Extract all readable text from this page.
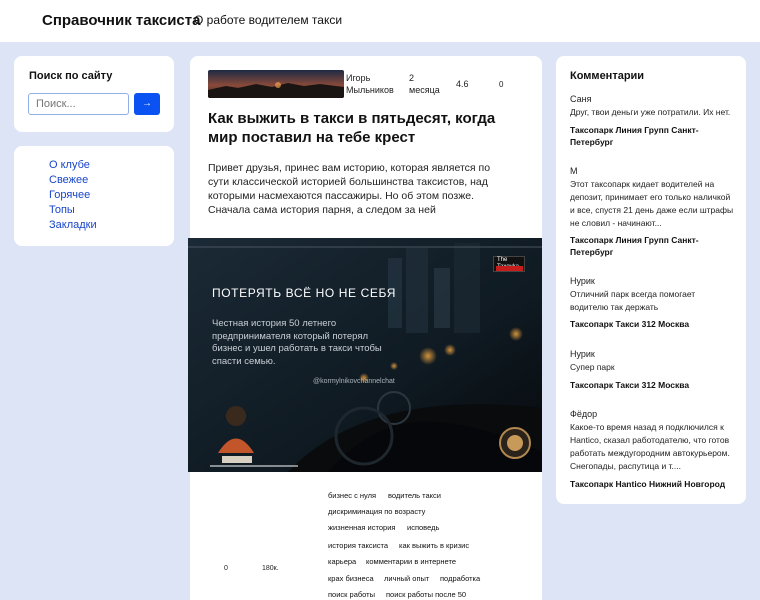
Справочник таксиста
О работе водителем такси
Поиск по сайту
Поиск...
→
О клубе
Свежее
Горячее
Топы
Закладки
Игорь Мыльников
2 месяца
4.6	0
Как выжить в такси в пятьдесят, когда мир поставил на тебе крест

Привет друзья, принес вам историю, которая является по сути классической историей большинства таксистов, над которыми насмехаются пассажиры. Но об этом позже. Сначала сама история парня, а следом за ней

The
ПОТЕРЯТЬ ВСЁ НО НЕ СЕБЯ
Честная история 50 летнего предпринимателя который потерял бизнес и ушел работать в такси чтобы спасти семью.
@kormylnikovchannelchat
0	180к.
бизнес с нуля водитель такси
дискриминация по возрасту
жизненная история исповедь
история таксиста как выжить в кризис
карьера комментарии в интернете
крах бизнеса личный опыт подработка
поиск работы поиск работы после 50
Комментарии
Саня
Друг, твои деньги уже потратили. Их нет.
Таксопарк Линия Групп Санкт-Петербург
М
Этот таксопарк кидает водителей на депозит, принимает его только наличкой и все, спустя 21 день даже если штрафы не словил - начинают...
Таксопарк Линия Групп Санкт-Петербург
Нурик
Отличний парк всегда помогает водителю так держать
Таксопарк Такси 312 Москва
Нурик
Супер парк
Таксопарк Такси 312 Москва
Фёдор
Какое-то время назад я подключился к Hantico, сказал работодателю, что готов работать междугородним автокурьером. Снегопады, распутица и т....
Таксопарк Hantico Нижний Новгород
